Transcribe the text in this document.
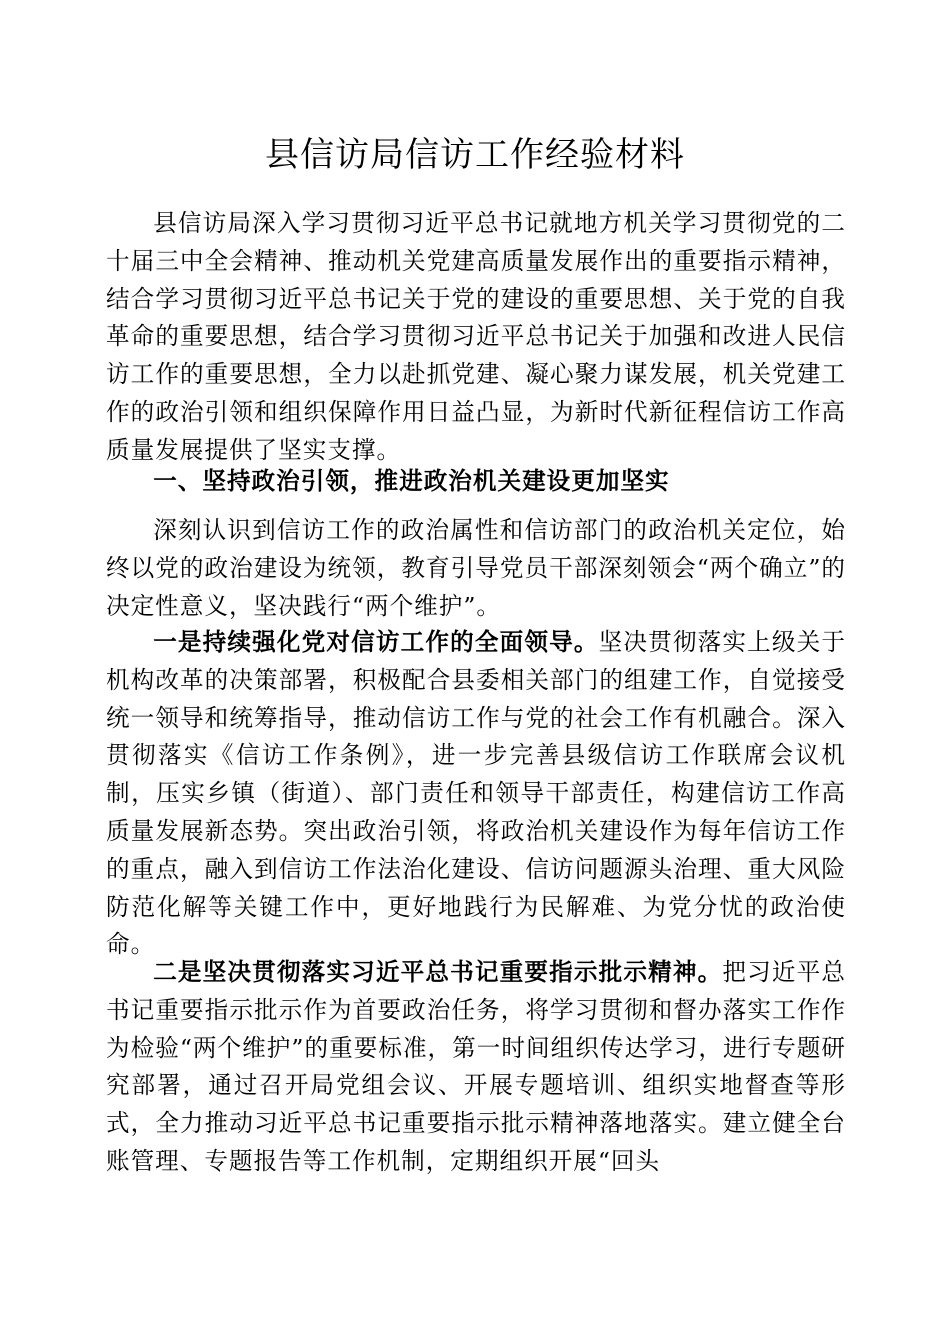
县信访局信访工作经验材料

县信访局深入学习贯彻习近平总书记就地方机关学习贯彻党的二十届三中全会精神、推动机关党建高质量发展作出的重要指示精神，结合学习贯彻习近平总书记关于党的建设的重要思想、关于党的自我革命的重要思想，结合学习贯彻习近平总书记关于加强和改进人民信访工作的重要思想，全力以赴抓党建、凝心聚力谋发展，机关党建工作的政治引领和组织保障作用日益凸显，为新时代新征程信访工作高质量发展提供了坚实支撑。

一、坚持政治引领，推进政治机关建设更加坚实

深刻认识到信访工作的政治属性和信访部门的政治机关定位，始终以党的政治建设为统领，教育引导党员干部深刻领会“两个确立”的决定性意义，坚决践行“两个维护”。

一是持续强化党对信访工作的全面领导。坚决贯彻落实上级关于机构改革的决策部署，积极配合县委相关部门的组建工作，自觉接受统一领导和统筹指导，推动信访工作与党的社会工作有机融合。深入贯彻落实《信访工作条例》，进一步完善县级信访工作联席会议机制，压实乡镇（街道）、部门责任和领导干部责任，构建信访工作高质量发展新态势。突出政治引领，将政治机关建设作为每年信访工作的重点，融入到信访工作法治化建设、信访问题源头治理、重大风险防范化解等关键工作中，更好地践行为民解难、为党分忧的政治使命。

二是坚决贯彻落实习近平总书记重要指示批示精神。把习近平总书记重要指示批示作为首要政治任务，将学习贯彻和督办落实工作作为检验“两个维护”的重要标准，第一时间组织传达学习，进行专题研究部署，通过召开局党组会议、开展专题培训、组织实地督查等形式，全力推动习近平总书记重要指示批示精神落地落实。建立健全台账管理、专题报告等工作机制，定期组织开展“回头
